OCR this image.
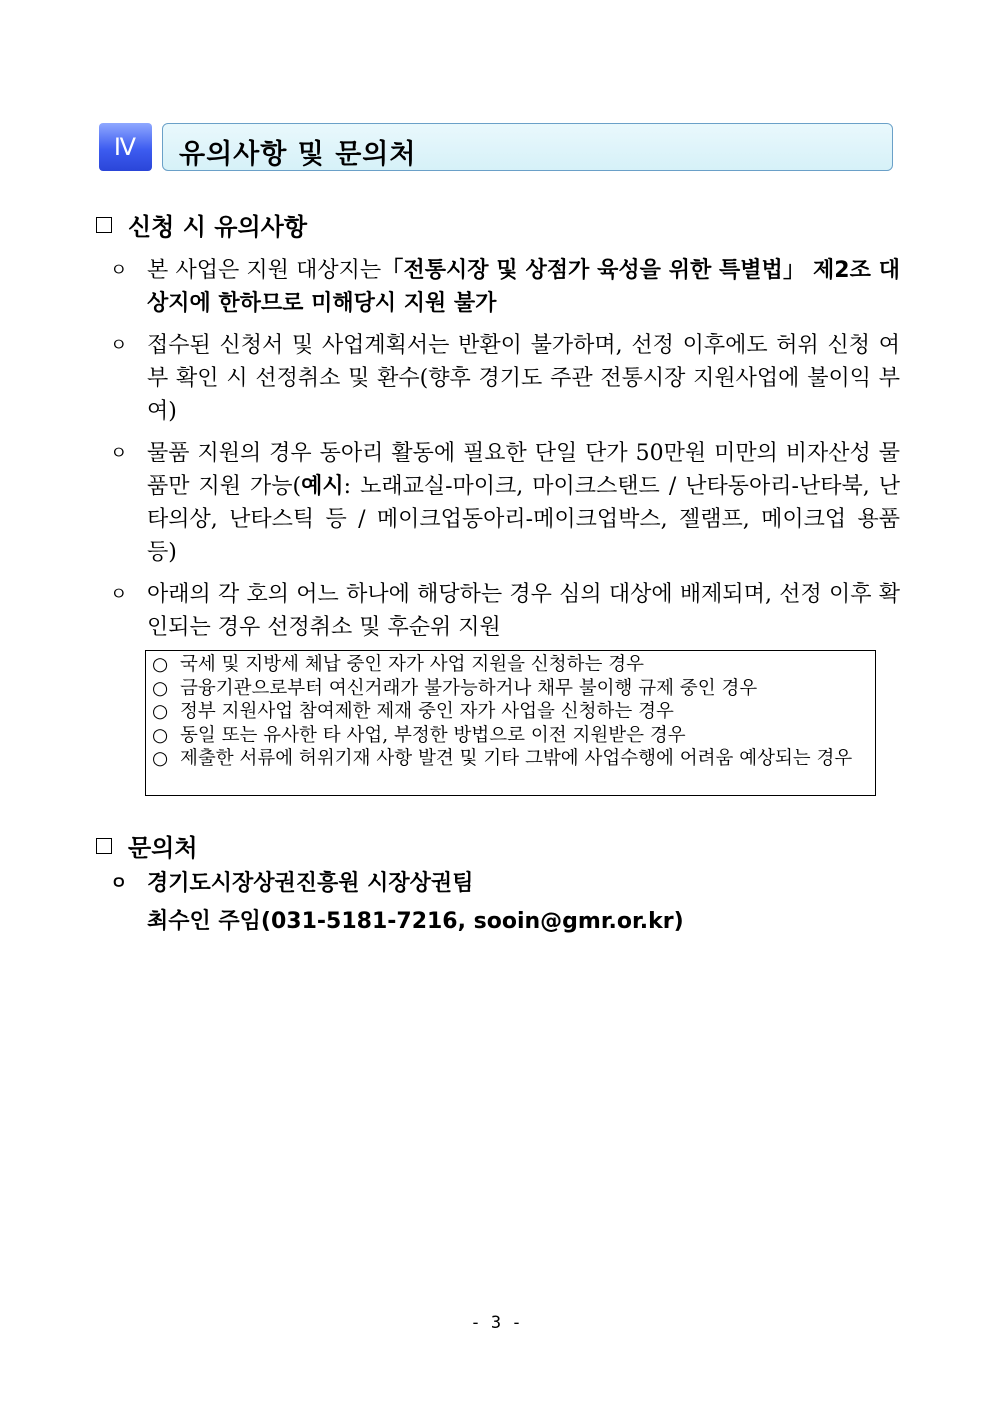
Ⅳ	유의사항 및 문의처
신청 시 유의사항
ㅇ 본 사업은 지원 대상지는「전통시장 및 상점가 육성을 위한 특별법」 제2조 대상지에 한하므로 미해당시 지원 불가
ㅇ 접수된 신청서 및 사업계획서는 반환이 불가하며, 선정 이후에도 허위 신청 여부 확인 시 선정취소 및 환수(향후 경기도 주관 전통시장 지원사업에 불이익 부여)
ㅇ 물품 지원의 경우 동아리 활동에 필요한 단일 단가 50만원 미만의 비자산성 물품만 지원 가능(예시: 노래교실-마이크, 마이크스탠드 / 난타동아리-난타북, 난타의상, 난타스틱 등 / 메이크업동아리-메이크업박스, 젤램프, 메이크업 용품 등)
ㅇ 아래의 각 호의 어느 하나에 해당하는 경우 심의 대상에 배제되며, 선정 이후 확인되는 경우 선정취소 및 후순위 지원
○ 국세 및 지방세 체납 중인 자가 사업 지원을 신청하는 경우
○ 금융기관으로부터 여신거래가 불가능하거나 채무 불이행 규제 중인 경우
○ 정부 지원사업 참여제한 제재 중인 자가 사업을 신청하는 경우
○ 동일 또는 유사한 타 사업, 부정한 방법으로 이전 지원받은 경우
○ 제출한 서류에 허위기재 사항 발견 및 기타 그밖에 사업수행에 어려움 예상되는 경우
문의처
ㅇ 경기도시장상권진흥원 시장상권팀
최수인 주임(031-5181-7216, sooin@gmr.or.kr)
- 3 -
